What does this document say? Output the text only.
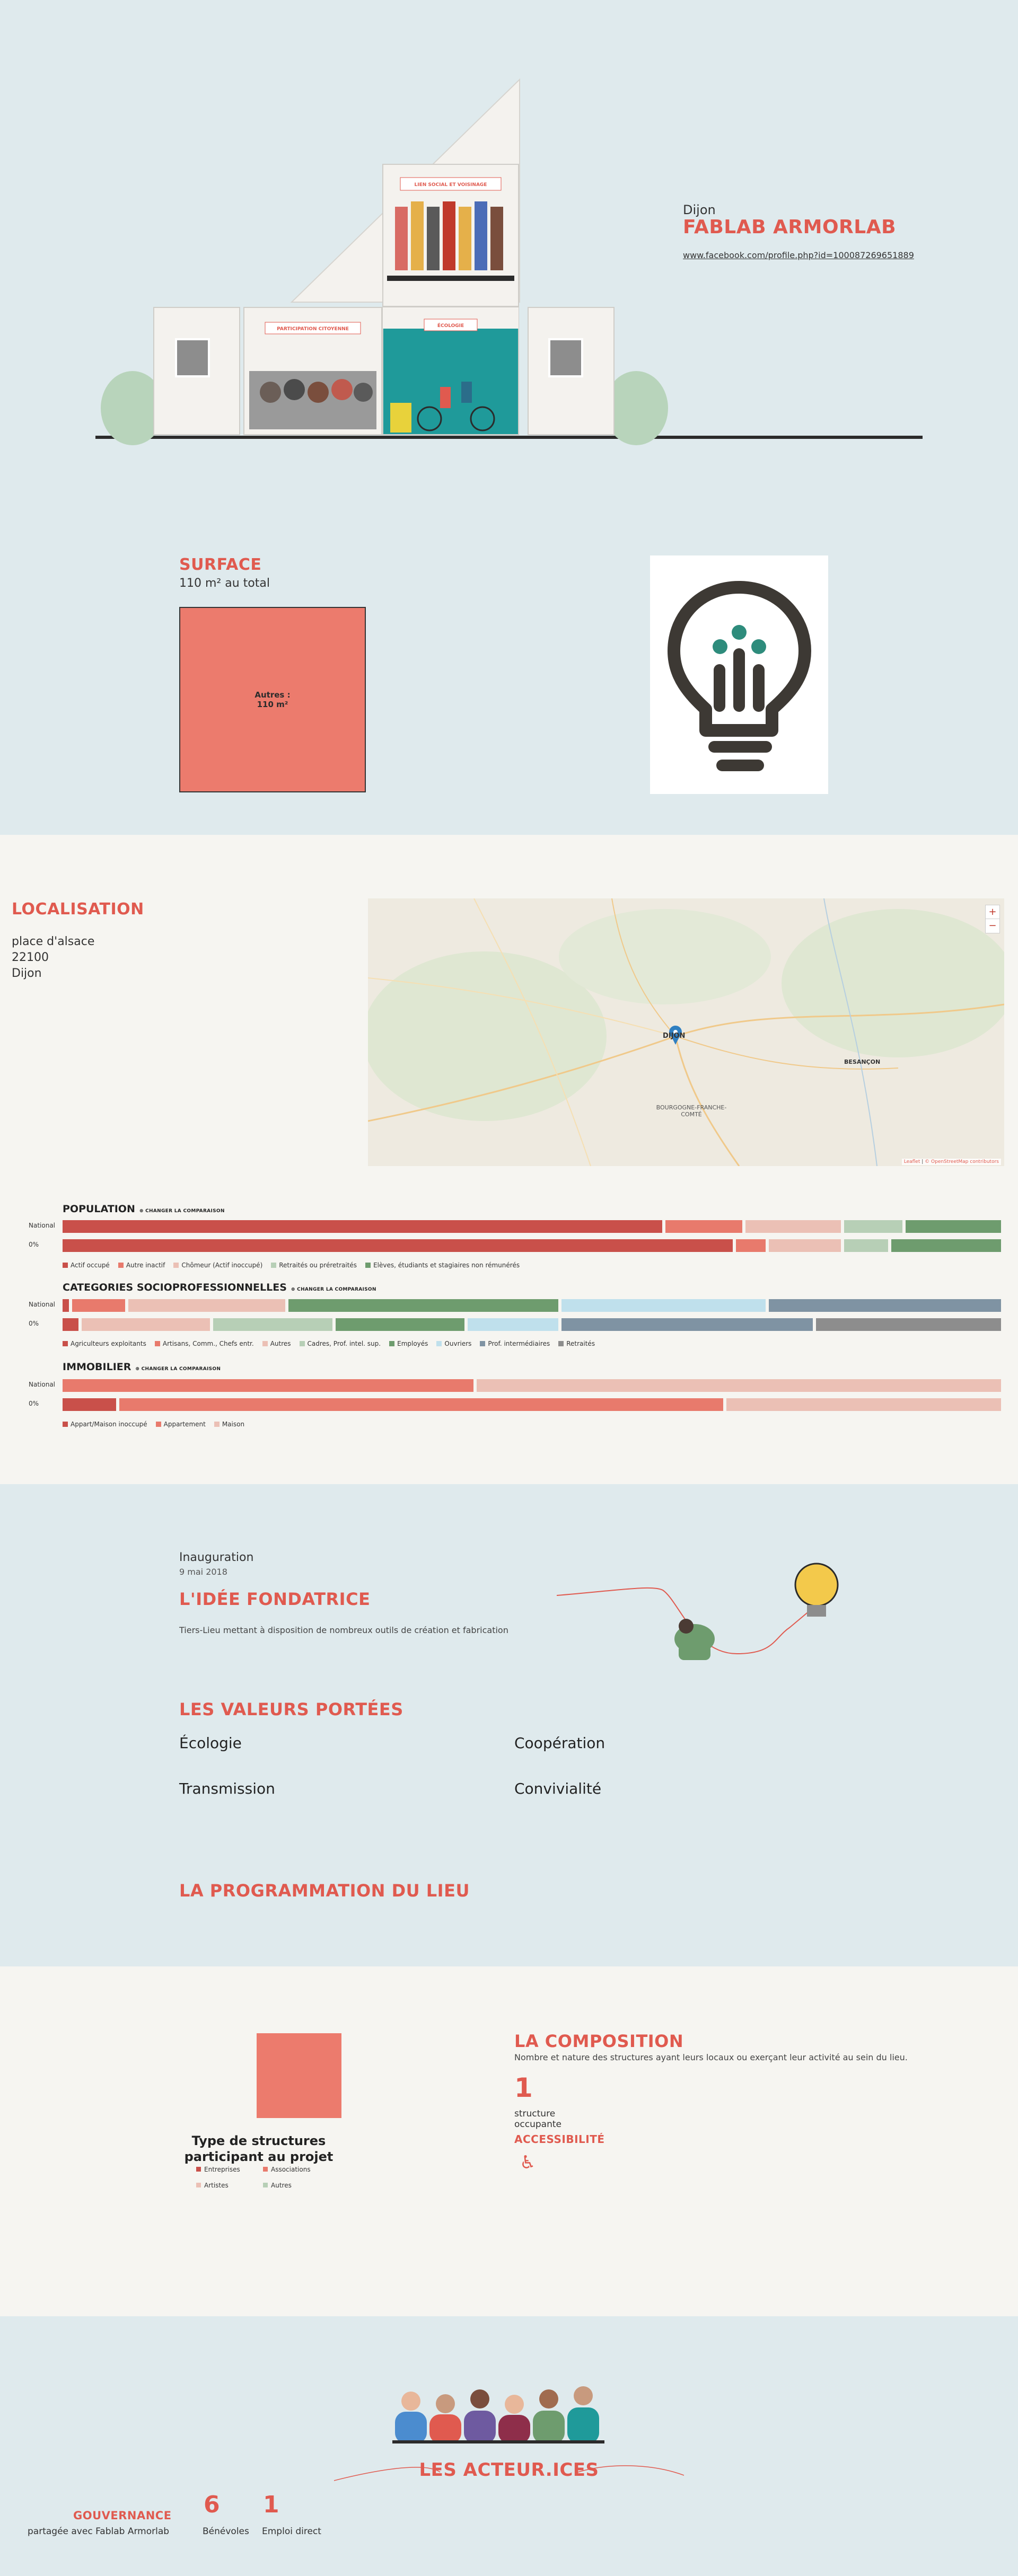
PARTICIPATION CITOYENNE
ÉCOLOGIE
LIEN SOCIAL ET VOISINAGE
Dijon
FABLAB ARMORLAB
www.facebook.com/profile.php?id=100087269651889
SURFACE
110 m² au total
Autres :
110 m²
LOCALISATION
place d'alsace
22100
Dijon
DIJON
BOURGOGNE-FRANCHE-COMTÉ
BESANÇON
+
−
Leaflet | © OpenStreetMap contributors
POPULATION ⊕ CHANGER LA COMPARAISON
National
0%
Actif occupé	Autre inactif	Chômeur (Actif inoccupé)	Retraités ou préretraités	Elèves, étudiants et stagiaires non rémunérés
CATEGORIES SOCIOPROFESSIONNELLES ⊕ CHANGER LA COMPARAISON
National
0%
Agriculteurs exploitants	Artisans, Comm., Chefs entr.	Autres	Cadres, Prof. intel. sup.	Employés	Ouvriers	Prof. intermédiaires	Retraités
IMMOBILIER ⊕ CHANGER LA COMPARAISON
National
0%
Appart/Maison inoccupé	Appartement	Maison
Inauguration
9 mai 2018
L'IDÉE FONDATRICE
Tiers-Lieu mettant à disposition de nombreux outils de création et fabrication
LES VALEURS PORTÉES
Écologie	Coopération
Transmission	Convivialité
LA PROGRAMMATION DU LIEU
Type de structures participant au projet
Entreprises	Associations
Artistes	Autres
LA COMPOSITION
Nombre et nature des structures ayant leurs locaux ou exerçant leur activité au sein du lieu.
1
structure
occupante
ACCESSIBILITÉ
♿
LES ACTEUR.ICES
GOUVERNANCE
partagée avec Fablab Armorlab
6
Bénévoles
1
Emploi direct
